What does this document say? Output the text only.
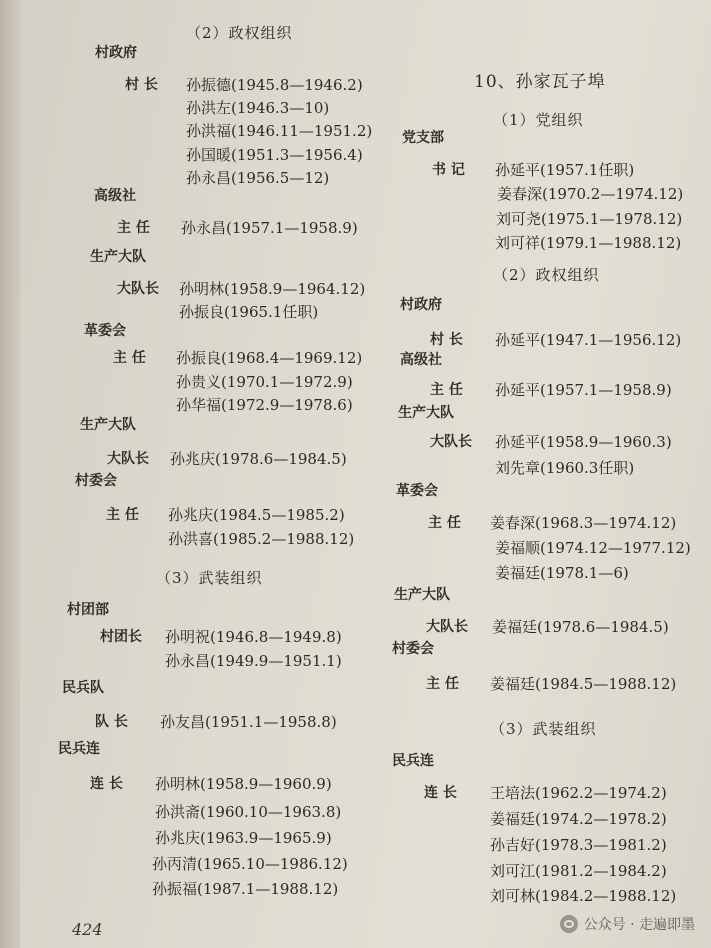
（2）政权组织
村政府
村 长 孙振德(1945.8—1946.2)
孙洪左(1946.3—10)
孙洪福(1946.11—1951.2)
孙国暖(1951.3—1956.4)
孙永昌(1956.5—12)
高级社
主 任 孙永昌(1957.1—1958.9)
生产大队
大队长 孙明林(1958.9—1964.12)
孙振良(1965.1任职)
革委会
主 任 孙振良(1968.4—1969.12)
孙贵义(1970.1—1972.9)
孙华福(1972.9—1978.6)
生产大队
大队长 孙兆庆(1978.6—1984.5)
村委会
主 任 孙兆庆(1984.5—1985.2)
孙洪喜(1985.2—1988.12)
（3）武装组织
村团部
村团长 孙明祝(1946.8—1949.8)
孙永昌(1949.9—1951.1)
民兵队
队 长 孙友昌(1951.1—1958.8)
民兵连
连 长 孙明林(1958.9—1960.9)
孙洪斋(1960.10—1963.8)
孙兆庆(1963.9—1965.9)
孙丙清(1965.10—1986.12)
孙振福(1987.1—1988.12)
424
10、孙家瓦子埠
（1）党组织
党支部
书 记 孙延平(1957.1任职)
姜春深(1970.2—1974.12)
刘可尧(1975.1—1978.12)
刘可祥(1979.1—1988.12)
（2）政权组织
村政府
村 长 孙延平(1947.1—1956.12)
高级社
主 任 孙延平(1957.1—1958.9)
生产大队
大队长 孙延平(1958.9—1960.3)
刘先章(1960.3任职)
革委会
主 任 姜春深(1968.3—1974.12)
姜福顺(1974.12—1977.12)
姜福廷(1978.1—6)
生产大队
大队长 姜福廷(1978.6—1984.5)
村委会
主 任 姜福廷(1984.5—1988.12)
（3）武装组织
民兵连
连 长 王培法(1962.2—1974.2)
姜福廷(1974.2—1978.2)
孙吉好(1978.3—1981.2)
刘可江(1981.2—1984.2)
刘可林(1984.2—1988.12)
公众号 · 走遍即墨
